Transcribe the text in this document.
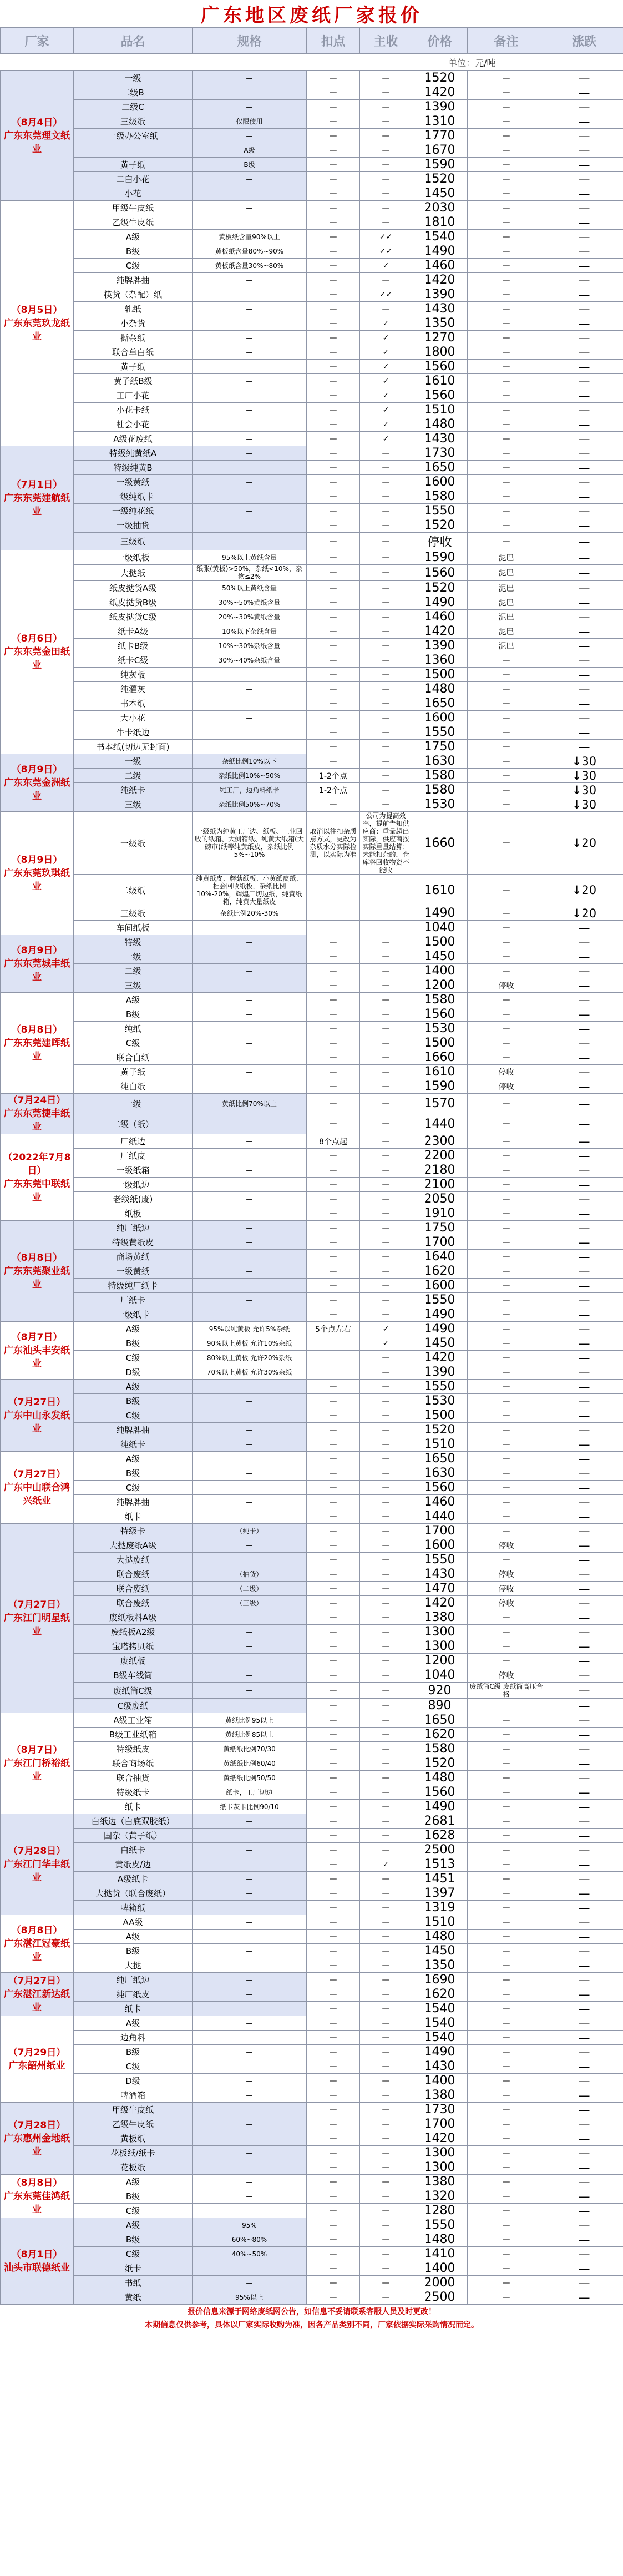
广东地区废纸厂家报价							
厂家	品名	规格	扣点	主收	价格	备注	涨跌
单位：元/吨							

（8月4日）
广东东莞理文纸业	一级	—	—	—	1520	—	—
	二级B	—	—	—	1420	—	—
	二级C	—	—	—	1390	—	—
	三级纸	仅限债用	—	—	1310	—	—
	一级办公室纸	—	—	—	1770	—	—
		A级	—	—	1670	—	—
	黄子纸	B级	—	—	1590	—	—
	二白小花	—	—	—	1520	—	—
	小花	—	—	—	1450	—	—

（8月5日）
广东东莞玖龙纸业	甲级牛皮纸	—	—	—	2030	—	—
	乙级牛皮纸	—	—	—	1810	—	—
	A级	黄板纸含量90%以上	—	✓✓	1540	—	—
	B级	黄板纸含量80%~90%	—	✓✓	1490	—	—
	C级	黄板纸含量30%~80%	—	✓	1460	—	—
	纯牌牌抽	—	—	—	1420	—	—
	筷货（杂配）纸	—	—	✓✓	1390	—	—
	轧纸	—	—	—	1430	—	—
	小杂货	—	—	✓	1350	—	—
	撕杂纸	—	—	✓	1270	—	—
	联合单白纸	—	—	✓	1800	—	—
	黄子纸	—	—	✓	1560	—	—
	黄子纸B级	—	—	✓	1610	—	—
	工厂小花	—	—	✓	1560	—	—
	小花卡纸	—	—	✓	1510	—	—
	杜会小花	—	—	✓	1480	—	—
	A级花废纸	—	—	✓	1430	—	—

（7月1日）
广东东莞建航纸业	特级纯黄纸A	—	—	—	1730	—	—
	特级纯黄B	—	—	—	1650	—	—
	一级黄纸	—	—	—	1600	—	—
	一级纯纸卡	—	—	—	1580	—	—
	一级纯花纸	—	—	—	1550	—	—
	一级抽货	—	—	—	1520	—	—
	三级纸	—	—	—	停收	—	—

（8月6日）
广东东莞金田纸业	一级纸板	95%以上黄纸含量	—	—	1590	泥巴	—
	大挞纸	纸张(黄板)>50%，杂纸<10%，杂物≤2%	—	—	1560	泥巴	—
	纸皮挞货A级	50%以上黄纸含量	—	—	1520	泥巴	—
	纸皮挞货B级	30%~50%黄纸含量	—	—	1490	泥巴	—
	纸皮挞货C级	20%~30%黄纸含量	—	—	1460	泥巴	—
	纸卡A级	10%以下杂纸含量	—	—	1420	泥巴	—
	纸卡B级	10%~30%杂纸含量	—	—	1390	泥巴	—
	纸卡C级	30%~40%杂纸含量	—	—	1360	—	—
	纯灰板	—	—	—	1500	—	—
	纯灌灰	—	—	—	1480	—	—
	书本纸	—	—	—	1650	—	—
	大小花	—	—	—	1600	—	—
	牛卡纸边	—	—	—	1550	—	—
	书本纸(切边无封面)	—	—	—	1750	—	—

（8月9日）
广东东莞金洲纸业	一级	杂纸比例10%以下	—	—	1630	—	↓30
	二级	杂纸比例10%~50%	1-2个点	—	1580	—	↓30
	纯纸卡	纯工厂，边角料纸卡	1-2个点	—	1580	—	↓30
	三级	杂纸比例50%~70%	—	—	1530	—	↓30

（8月9日）
广东东莞玖琪纸业	一级纸	一级纸为纯黄工厂边、纸板、工业回收的纸箱、大侧箱纸、纯黄大纸箱(大磅市)纸等纯黄纸皮，杂纸比例5%~10%	取消以往扣杂质点方式，更改为杂质水分实际检测，以实际为准	公司为提高效率，提前告知供应商：重量超出实际，供应商按实际重量结算；未能扣杂的，仓库将回收物资不能收	1660	—	↓20
	二级纸	纯黄纸皮、蘑菇纸板、小黄纸皮纸、杜会回收纸板，杂纸比例10%-20%，辉煌厂切边纸，纯黄纸箱，纯黄大量纸皮			1610	—	↓20
	三级纸	杂纸比例20%-30%			1490	—	↓20
	车间纸板	—			1040	—	—

（8月9日）
广东东莞城丰纸业	特级	—	—	—	1500	—	—
	一级	—	—	—	1450	—	—
	二级	—	—	—	1400	—	—
	三级	—	—	—	1200	停收	—

（8月8日）
广东东莞建晖纸业	A级	—	—	—	1580	—	—
	B级	—	—	—	1560	—	—
	纯纸	—	—	—	1530	—	—
	C级	—	—	—	1500	—	—
	联合白纸	—	—	—	1660	—	—
	黄子纸	—	—	—	1610	停收	—
	纯白纸	—	—	—	1590	停收	—

（7月24日）
广东东莞捷丰纸业	一级	黄纸比例70%以上	—	—	1570	—	—
	二级（纸）	—	—	—	1440	—	—

（2022年7月8日）
广东东莞中联纸业	厂纸边	—	8个点起	—	2300	—	—
	厂纸皮	—	—	—	2200	—	—
	一级纸箱	—	—	—	2180	—	—
	一级纸边	—	—	—	2100	—	—
	老线纸(废)	—	—	—	2050	—	—
	纸板	—	—	—	1910	—	—

（8月8日）
广东东莞聚业纸业	纯厂纸边	—	—	—	1750	—	—
	特级黄纸皮	—	—	—	1700	—	—
	商场黄纸	—	—	—	1640	—	—
	一级黄纸	—	—	—	1620	—	—
	特级纯厂纸卡	—	—	—	1600	—	—
	厂纸卡	—	—	—	1550	—	—
	一级纸卡	—	—	—	1490	—	—

（8月7日）
广东汕头丰安纸业	A级	95%以纯黄板 允许5%杂纸	5个点左右	✓	1490	—	—
	B级	90%以上黄板 允许10%杂纸		✓	1450	—	—
	C级	80%以上黄板 允许20%杂纸		—	1420	—	—
	D级	70%以上黄板 允许30%杂纸		—	1390	—	—

（7月27日）
广东中山永发纸业	A级	—	—	—	1550	—	—
	B级	—	—	—	1530	—	—
	C级	—	—	—	1500	—	—
	纯牌牌抽	—	—	—	1520	—	—
	纯纸卡	—	—	—	1510	—	—

（7月27日）
广东中山联合鸿兴纸业	A级	—	—	—	1650	—	—
	B级	—	—	—	1630	—	—
	C级	—	—	—	1560	—	—
	纯牌牌抽	—	—	—	1460	—	—
	纸卡	—	—	—	1440	—	—

（7月27日）
广东江门明星纸业	特级卡	（纯卡）	—	—	1700	—	—
	大挞废纸A级	—	—	—	1600	停收	—
	大挞废纸	—	—	—	1550	—	—
	联合废纸	（抽货）	—	—	1430	停收	—
	联合废纸	（二级）	—	—	1470	停收	—
	联合废纸	（三级）	—	—	1420	停收	—
	废纸板料A级	—	—	—	1380	—	—
	废纸板A2级	—	—	—	1300	—	—
	宝塔拷贝纸	—	—	—	1300	—	—
	废纸板	—	—	—	1200	—	—
	B级车线筒	—	—	—	1040	停收	—
	废纸筒C级	—	—	—	920	废纸筒C级 废纸筒高压合格	—
	C级废纸	—	—	—	890		—

（8月7日）
广东江门桥裕纸业	A级工业箱	黄纸比例95以上	—	—	1650	—	—
	B级工业纸箱	黄纸比例85以上	—	—	1620	—	—
	特级纸皮	黄纸纸比例70/30	—	—	1580	—	—
	联合商场纸	黄纸纸比例60/40	—	—	1520	—	—
	联合抽货	黄纸纸比例50/50	—	—	1480	—	—
	特级纸卡	纸卡，工厂切边	—	—	1560	—	—
	纸卡	纸卡灰卡比例90/10	—	—	1490	—	—

（7月28日）
广东江门华丰纸业	白纸边（白底双胶纸）	—	—	—	2681	—	—
	国杂（黄子纸）	—	—	—	1628	—	—
	白纸卡	—	—	—	2500	—	—
	黄纸皮/边	—	—	✓	1513	—	—
	A级纸卡	—	—	—	1451	—	—
	大挞货（联合废纸）	—	—	—	1397	—	—
	啤箱纸	—	—	—	1319	—	—

（8月8日）
广东湛江冠豪纸业	AA级	—	—	—	1510	—	—
	A级	—	—	—	1480	—	—
	B级	—	—	—	1450	—	—
	大挞	—	—	—	1350	—	—

（7月27日）
广东湛江新达纸业	纯厂纸边	—	—	—	1690	—	—
	纯厂纸皮	—	—	—	1620	—	—
	纸卡	—	—	—	1540	—	—

（7月29日）
广东韶州纸业	A级	—	—	—	1540	—	—
	边角料	—	—	—	1540	—	—
	B级	—	—	—	1490	—	—
	C级	—	—	—	1430	—	—
	D级	—	—	—	1400	—	—
	啤酒箱	—	—	—	1380	—	—

（7月28日）
广东惠州金地纸业	甲级牛皮纸	—	—	—	1730	—	—
	乙级牛皮纸	—	—	—	1700	—	—
	黄板纸	—	—	—	1420	—	—
	花板纸/纸卡	—	—	—	1300	—	—
	花板纸	—	—	—	1300	—	—

（8月8日）
广东东莞佳鸿纸业	A级	—	—	—	1380	—	—
	B级	—	—	—	1320	—	—
	C级	—	—	—	1280	—	—

（8月1日）
汕头市联德纸业	A级	95%	—	—	1550	—	—
	B级	60%~80%	—	—	1480	—	—
	C级	40%~50%	—	—	1410	—	—
	纸卡	—	—	—	1400	—	—
	书纸	—	—	—	2000	—	—
	黄纸	95%以上	—	—	2500	—	—
报价信息来源于网络废纸网公告，如信息不妥请联系客服人员及时更改！							
本期信息仅供参考，具体以厂家实际收购为准，因各产品类别不同，厂家依据实际采购情况而定。							
